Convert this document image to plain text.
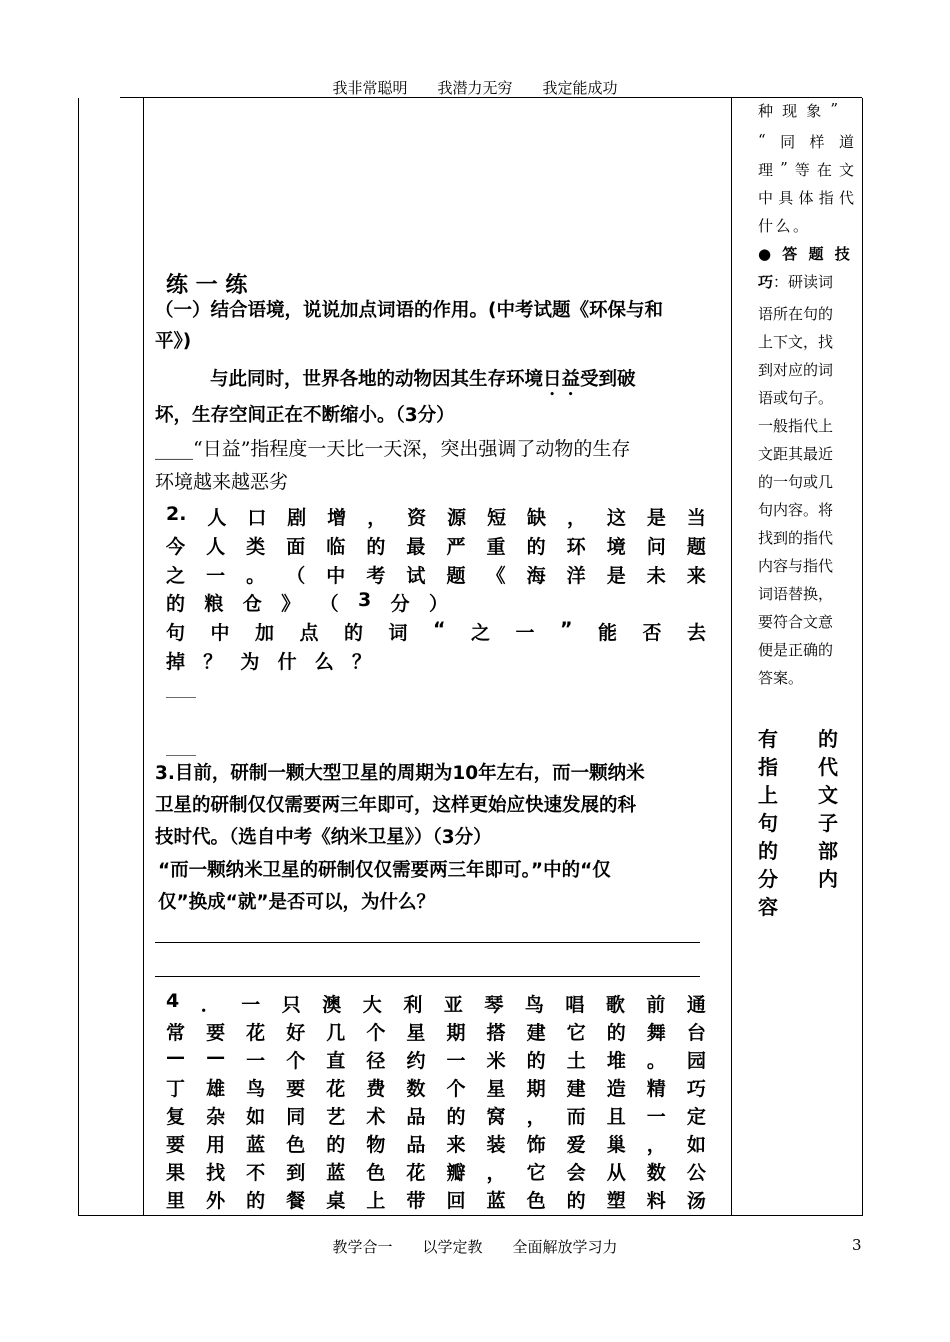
我非常聪明　　我潜力无穷　　我定能成功
练 一 练
（一）结合语境，说说加点词语的作用。(中考试题《环保与和
平》)
与此同时，世界各地的动物因其生存环境日益受到破
坏，生存空间正在不断缩小。（3分）
____“日益”指程度一天比一天深，突出强调了动物的生存
环境越来越恶劣
2. 人 口 剧 增 ， 资 源 短 缺 ， 这 是 当
今 人 类 面 临 的 最 严 重 的 环 境 问 题
之 一 。 （ 中 考 试 题 《 海 洋 是 未 来
的 粮 仓 》 （ 3 分 ）
句 中 加 点 的 词 “ 之 一 ” 能 否 去
掉 ？ 为 什 么 ？
____
____
3.目前，研制一颗大型卫星的周期为10年左右，而一颗纳米
卫星的研制仅仅需要两三年即可，这样更始应快速发展的科
技时代。（选自中考《纳米卫星》）（3分）
“而一颗纳米卫星的研制仅仅需要两三年即可。”中的“仅
仅”换成“就”是否可以，为什么？
4 ． 一 只 澳 大 利 亚 琴 鸟 唱 歌 前 通
常 要 花 好 几 个 星 期 搭 建 它 的 舞 台
— — 一 个 直 径 约 一 米 的 土 堆 。 园
丁 雄 鸟 要 花 费 数 个 星 期 建 造 精 巧
复 杂 如 同 艺 术 品 的 窝 ， 而 且 一 定
要 用 蓝 色 的 物 品 来 装 饰 爱 巢 ， 如
果 找 不 到 蓝 色 花 瓣 ， 它 会 从 数 公
里 外 的 餐 桌 上 带 回 蓝 色 的 塑 料 汤
种 现 象 ”
“ 同 样 道
理 ” 等 在 文
中 具 体 指 代
什 么 。
● 答 题 技
巧：研读词
语所在句的
上下文，找
到对应的词
语或句子。
一般指代上
文距其最近
的一句或几
句内容。将
找到的指代
内容与指代
词语替换，
要符合文意
便是正确的
答案。
有
指
上
句
的
分
容
的
代
文
子
部
内
教学合一　　以学定教　　全面解放学习力	3
